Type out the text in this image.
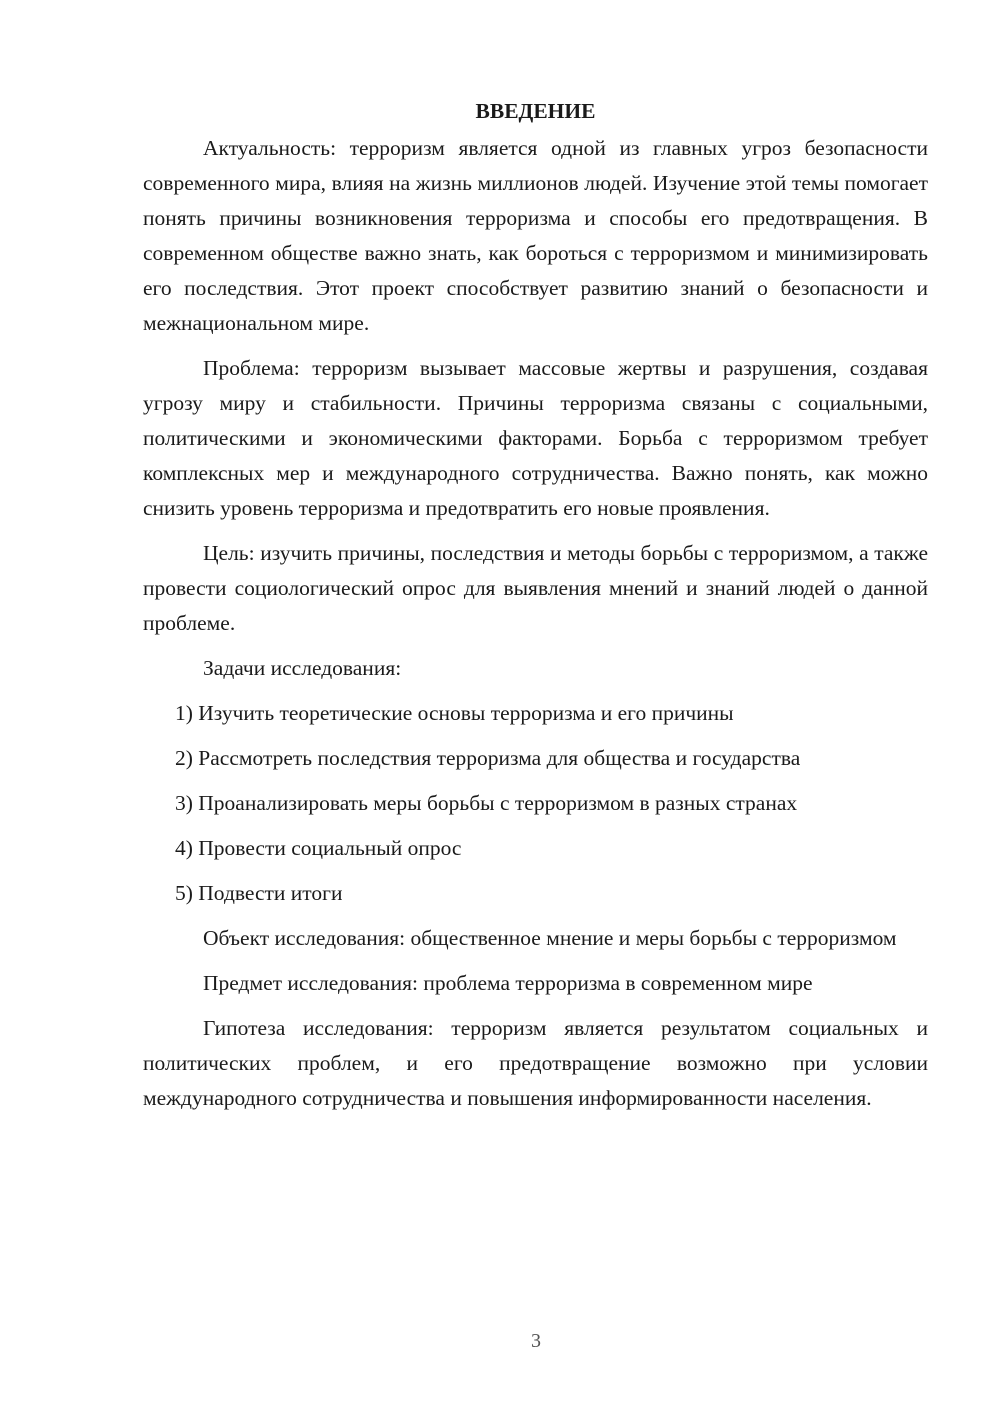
ВВЕДЕНИЕ

Актуальность: терроризм является одной из главных угроз безопасности современного мира, влияя на жизнь миллионов людей. Изучение этой темы помогает понять причины возникновения терроризма и способы его предотвращения. В современном обществе важно знать, как бороться с терроризмом и минимизировать его последствия. Этот проект способствует развитию знаний о безопасности и межнациональном мире.

Проблема: терроризм вызывает массовые жертвы и разрушения, создавая угрозу миру и стабильности. Причины терроризма связаны с социальными, политическими и экономическими факторами. Борьба с терроризмом требует комплексных мер и международного сотрудничества. Важно понять, как можно снизить уровень терроризма и предотвратить его новые проявления.

Цель: изучить причины, последствия и методы борьбы с терроризмом, а также провести социологический опрос для выявления мнений и знаний людей о данной проблеме.

Задачи исследования:

1) Изучить теоретические основы терроризма и его причины
2) Рассмотреть последствия терроризма для общества и государства
3) Проанализировать меры борьбы с терроризмом в разных странах
4) Провести социальный опрос
5) Подвести итоги

Объект исследования: общественное мнение и меры борьбы с терроризмом

Предмет исследования: проблема терроризма в современном мире

Гипотеза исследования: терроризм является результатом социальных и политических проблем, и его предотвращение возможно при условии международного сотрудничества и повышения информированности населения.

3
